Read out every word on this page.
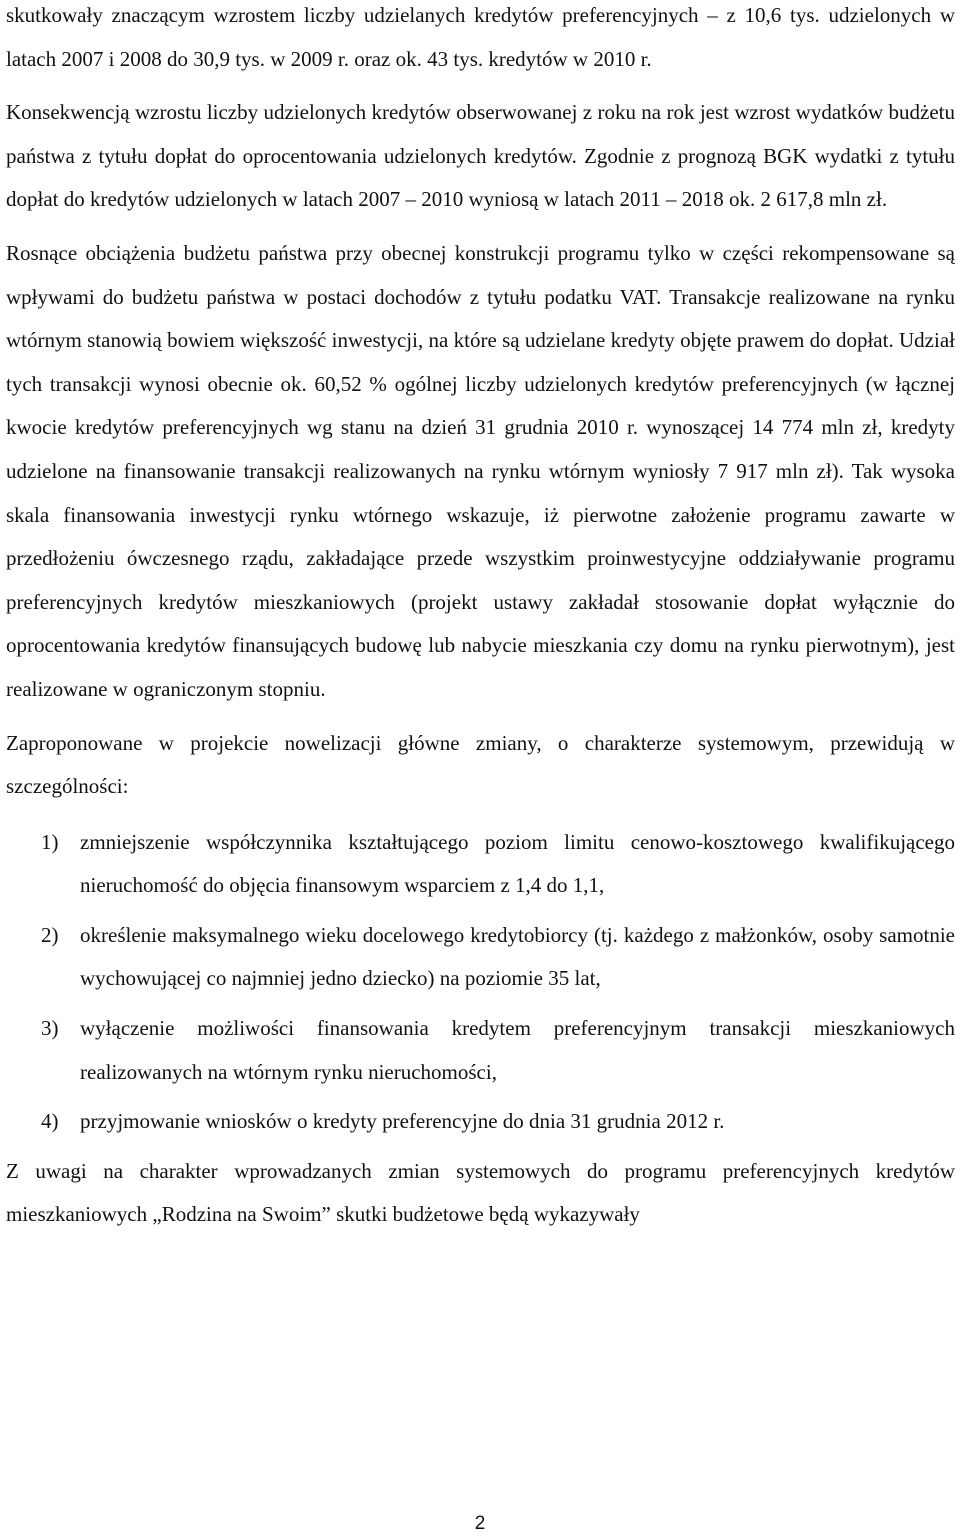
skutkowały znaczącym wzrostem liczby udzielanych kredytów preferencyjnych – z 10,6 tys. udzielonych w latach 2007 i 2008 do 30,9 tys. w 2009 r. oraz ok. 43 tys. kredytów w 2010 r.

Konsekwencją wzrostu liczby udzielonych kredytów obserwowanej z roku na rok jest wzrost wydatków budżetu państwa z tytułu dopłat do oprocentowania udzielonych kredytów. Zgodnie z prognozą BGK wydatki z tytułu dopłat do kredytów udzielonych w latach 2007 – 2010 wyniosą w latach 2011 – 2018 ok. 2 617,8 mln zł.

Rosnące obciążenia budżetu państwa przy obecnej konstrukcji programu tylko w części rekompensowane są wpływami do budżetu państwa w postaci dochodów z tytułu podatku VAT. Transakcje realizowane na rynku wtórnym stanowią bowiem większość inwestycji, na które są udzielane kredyty objęte prawem do dopłat. Udział tych transakcji wynosi obecnie ok. 60,52 % ogólnej liczby udzielonych kredytów preferencyjnych (w łącznej kwocie kredytów preferencyjnych wg stanu na dzień 31 grudnia 2010 r. wynoszącej 14 774 mln zł, kredyty udzielone na finansowanie transakcji realizowanych na rynku wtórnym wyniosły 7 917 mln zł). Tak wysoka skala finansowania inwestycji rynku wtórnego wskazuje, iż pierwotne założenie programu zawarte w przedłożeniu ówczesnego rządu, zakładające przede wszystkim proinwestycyjne oddziaływanie programu preferencyjnych kredytów mieszkaniowych (projekt ustawy zakładał stosowanie dopłat wyłącznie do oprocentowania kredytów finansujących budowę lub nabycie mieszkania czy domu na rynku pierwotnym), jest realizowane w ograniczonym stopniu.

Zaproponowane w projekcie nowelizacji główne zmiany, o charakterze systemowym, przewidują w szczególności:

1) zmniejszenie współczynnika kształtującego poziom limitu cenowo-kosztowego kwalifikującego nieruchomość do objęcia finansowym wsparciem z 1,4 do 1,1,
2) określenie maksymalnego wieku docelowego kredytobiorcy (tj. każdego z małżonków, osoby samotnie wychowującej co najmniej jedno dziecko) na poziomie 35 lat,
3) wyłączenie możliwości finansowania kredytem preferencyjnym transakcji mieszkaniowych realizowanych na wtórnym rynku nieruchomości,
4) przyjmowanie wniosków o kredyty preferencyjne do dnia 31 grudnia 2012 r.

Z uwagi na charakter wprowadzanych zmian systemowych do programu preferencyjnych kredytów mieszkaniowych „Rodzina na Swoim” skutki budżetowe będą wykazywały

2
